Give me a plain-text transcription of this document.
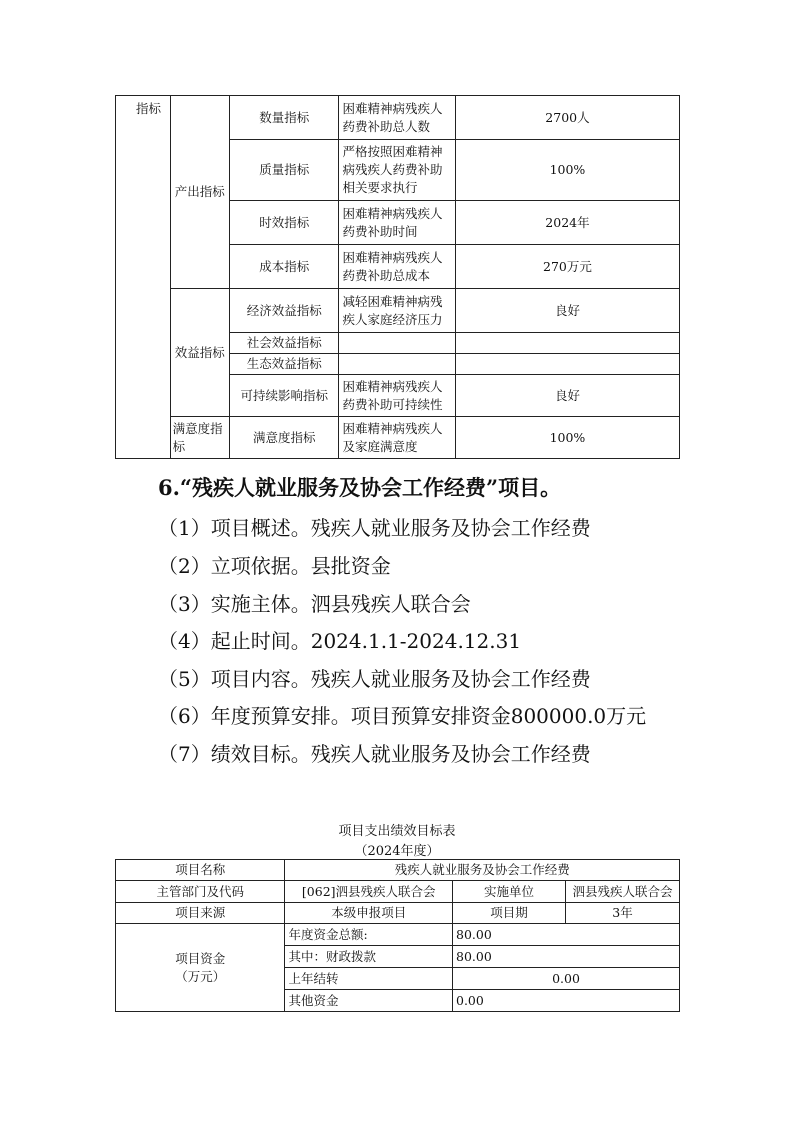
指标	产出指标	数量指标	困难精神病残疾人药费补助总人数	2700人
		质量指标	严格按照困难精神病残疾人药费补助相关要求执行	100%
		时效指标	困难精神病残疾人药费补助时间	2024年
		成本指标	困难精神病残疾人药费补助总成本	270万元
	效益指标	经济效益指标	减轻困难精神病残疾人家庭经济压力	良好
		社会效益指标		
		生态效益指标		
		可持续影响指标	困难精神病残疾人药费补助可持续性	良好
	满意度指标	满意度指标	困难精神病残疾人及家庭满意度	100%
6.“残疾人就业服务及协会工作经费”项目。
（1）项目概述。残疾人就业服务及协会工作经费
（2）立项依据。县批资金
（3）实施主体。泗县残疾人联合会
（4）起止时间。2024.1.1-2024.12.31
（5）项目内容。残疾人就业服务及协会工作经费
（6）年度预算安排。项目预算安排资金800000.0万元
（7）绩效目标。残疾人就业服务及协会工作经费
项目支出绩效目标表
（2024年度）
项目名称	残疾人就业服务及协会工作经费		
主管部门及代码	[062]泗县残疾人联合会	实施单位	泗县残疾人联合会
项目来源	本级申报项目	项目期	3年

项目资金
（万元）	年度资金总额:	80.00	
	其中：财政拨款	80.00	
	上年结转	0.00	
	其他资金	0.00	
